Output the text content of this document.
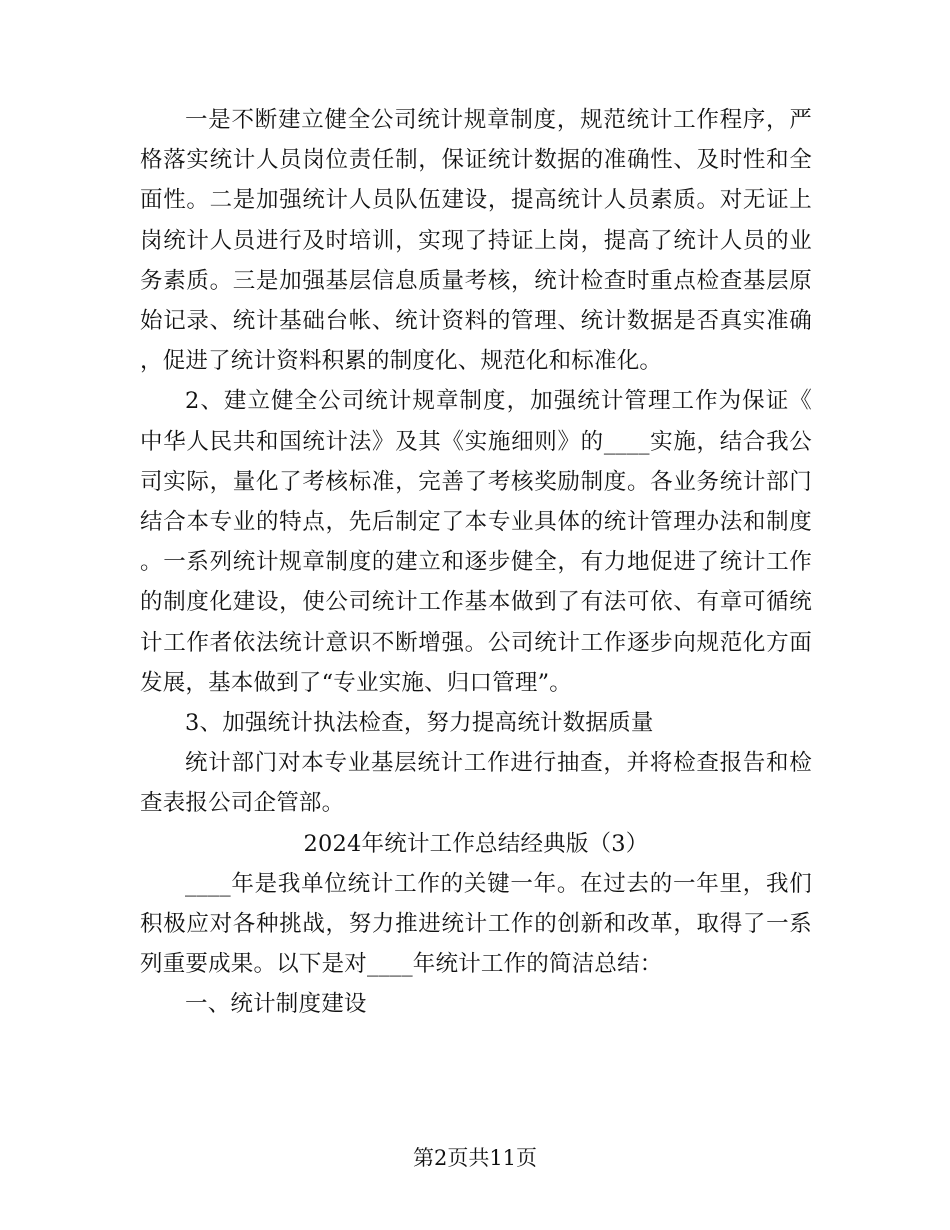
一是不断建立健全公司统计规章制度，规范统计工作程序，严格落实统计人员岗位责任制，保证统计数据的准确性、及时性和全面性。二是加强统计人员队伍建设，提高统计人员素质。对无证上岗统计人员进行及时培训，实现了持证上岗，提高了统计人员的业务素质。三是加强基层信息质量考核，统计检查时重点检查基层原始记录、统计基础台帐、统计资料的管理、统计数据是否真实准确，促进了统计资料积累的制度化、规范化和标准化。

2、建立健全公司统计规章制度，加强统计管理工作为保证《中华人民共和国统计法》及其《实施细则》的____实施，结合我公司实际，量化了考核标准，完善了考核奖励制度。各业务统计部门结合本专业的特点，先后制定了本专业具体的统计管理办法和制度。一系列统计规章制度的建立和逐步健全，有力地促进了统计工作的制度化建设，使公司统计工作基本做到了有法可依、有章可循统计工作者依法统计意识不断增强。公司统计工作逐步向规范化方面发展，基本做到了“专业实施、归口管理”。

3、加强统计执法检查，努力提高统计数据质量

统计部门对本专业基层统计工作进行抽查，并将检查报告和检查表报公司企管部。

2024年统计工作总结经典版（3）

____年是我单位统计工作的关键一年。在过去的一年里，我们积极应对各种挑战，努力推进统计工作的创新和改革，取得了一系列重要成果。以下是对____年统计工作的简洁总结：

一、统计制度建设

第2页共11页
